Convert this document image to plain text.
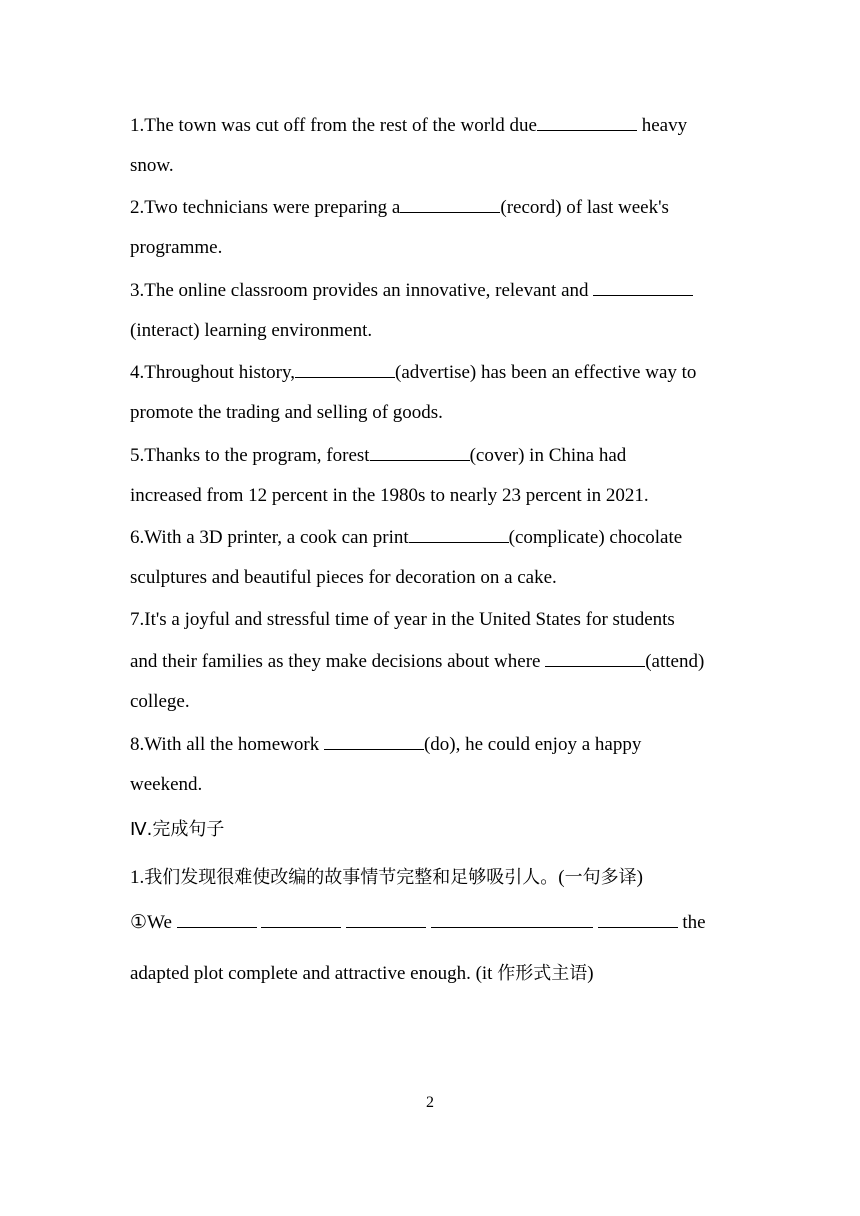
1.The town was cut off from the rest of the world due	heavy
snow.
2.Two technicians were preparing a	(record) of last week's
programme.
3.The online classroom provides an innovative, relevant and
(interact) learning environment.
4.Throughout history,	(advertise) has been an effective way to
promote the trading and selling of goods.
5.Thanks to the program, forest	(cover) in China had
increased from 12 percent in the 1980s to nearly 23 percent in 2021.
6.With a 3D printer, a cook can print	(complicate) chocolate
sculptures and beautiful pieces for decoration on a cake.
7.It's a joyful and stressful time of year in the United States for students
and their families as they make decisions about where	(attend)
college.
8.With all the homework	(do), he could enjoy a happy
weekend.
Ⅳ.完成句子
1.我们发现很难使改编的故事情节完整和足够吸引人。(一句多译)
①We	the
adapted plot complete and attractive enough. (it 作形式主语)
2
